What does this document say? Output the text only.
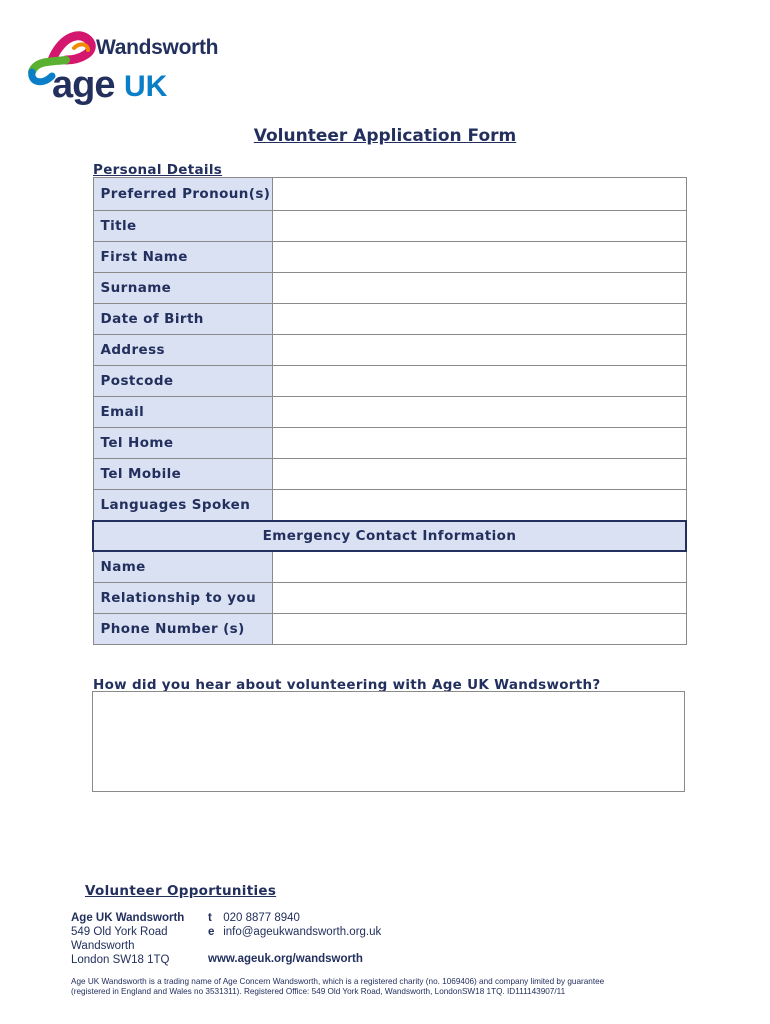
Wandsworth
age UK
Volunteer Application Form
Personal Details
Preferred Pronoun(s)	
Title	
First Name	
Surname	
Date of Birth	
Address	
Postcode	
Email	
Tel Home	
Tel Mobile	
Languages Spoken	
Emergency Contact Information	
Name	
Relationship to you	
Phone Number (s)	
How did you hear about volunteering with Age UK Wandsworth?
Volunteer Opportunities
Age UK Wandsworth
549 Old York Road
Wandsworth
London SW18 1TQ
t 020 8877 8940
e info@ageukwandsworth.org.uk
www.ageuk.org/wandsworth
Age UK Wandsworth is a trading name of Age Concern Wandsworth, which is a registered charity (no. 1069406) and company limited by guarantee
(registered in England and Wales no 3531311). Registered Office: 549 Old York Road, Wandsworth, LondonSW18 1TQ. ID111143907/11
